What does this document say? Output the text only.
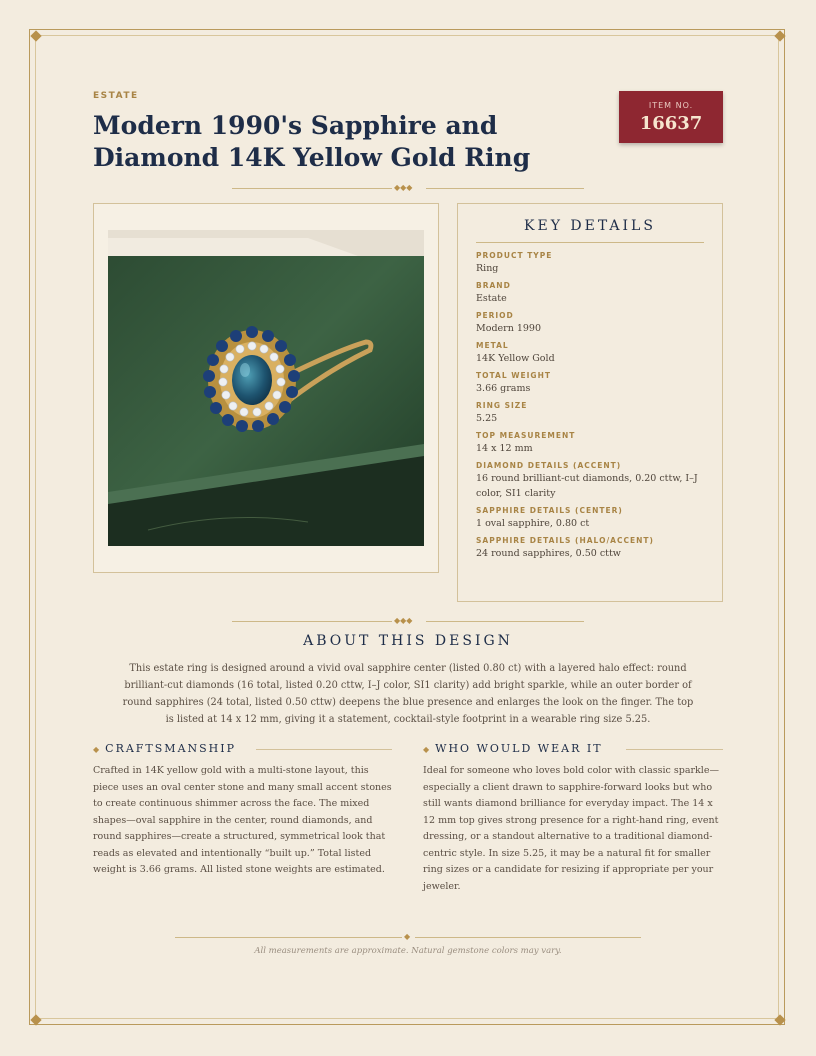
ESTATE
Modern 1990's Sapphire and Diamond 14K Yellow Gold Ring
ITEM NO.
16637
◆◆◆
KEY DETAILS
PRODUCT TYPE
Ring
BRAND
Estate
PERIOD
Modern 1990
METAL
14K Yellow Gold
TOTAL WEIGHT
3.66 grams
RING SIZE
5.25
TOP MEASUREMENT
14 x 12 mm
DIAMOND DETAILS (ACCENT)
16 round brilliant-cut diamonds, 0.20 cttw, I–J color, SI1 clarity
SAPPHIRE DETAILS (CENTER)
1 oval sapphire, 0.80 ct
SAPPHIRE DETAILS (HALO/ACCENT)
24 round sapphires, 0.50 cttw
◆◆◆
ABOUT THIS DESIGN
This estate ring is designed around a vivid oval sapphire center (listed 0.80 ct) with a layered halo effect: round brilliant-cut diamonds (16 total, listed 0.20 cttw, I–J color, SI1 clarity) add bright sparkle, while an outer border of round sapphires (24 total, listed 0.50 cttw) deepens the blue presence and enlarges the look on the finger. The top is listed at 14 x 12 mm, giving it a statement, cocktail-style footprint in a wearable ring size 5.25.
◆ CRAFTSMANSHIP
Crafted in 14K yellow gold with a multi-stone layout, this piece uses an oval center stone and many small accent stones to create continuous shimmer across the face. The mixed shapes—oval sapphire in the center, round diamonds, and round sapphires—create a structured, symmetrical look that reads as elevated and intentionally “built up.” Total listed weight is 3.66 grams. All listed stone weights are estimated.
◆ WHO WOULD WEAR IT
Ideal for someone who loves bold color with classic sparkle—especially a client drawn to sapphire-forward looks but who still wants diamond brilliance for everyday impact. The 14 x 12 mm top gives strong presence for a right-hand ring, event dressing, or a standout alternative to a traditional diamond-centric style. In size 5.25, it may be a natural fit for smaller ring sizes or a candidate for resizing if appropriate per your jeweler.
◆
All measurements are approximate. Natural gemstone colors may vary.
